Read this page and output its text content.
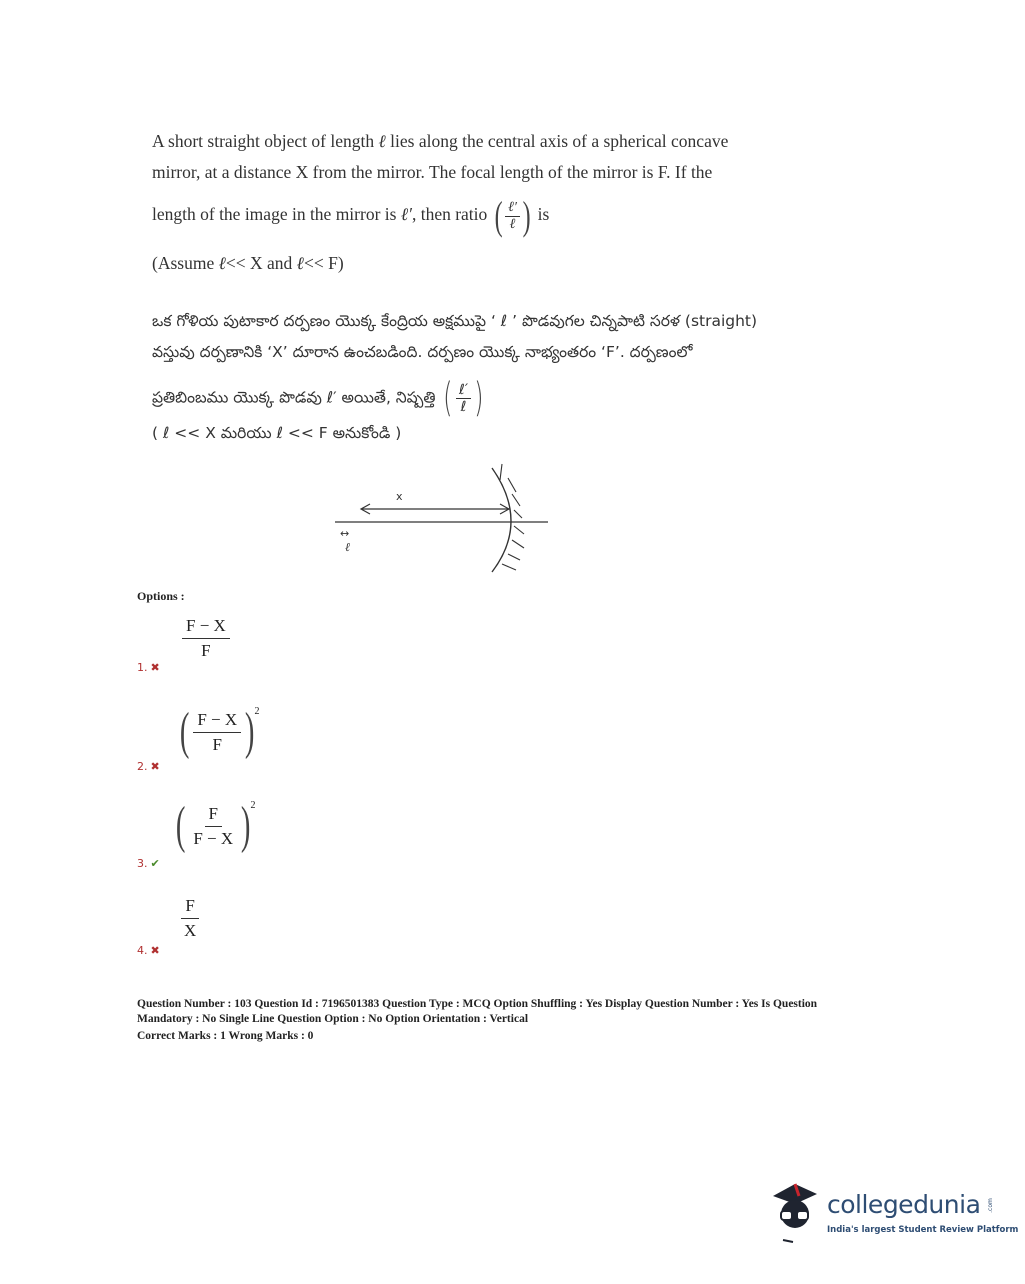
A short straight object of length ℓ lies along the central axis of a spherical concave

mirror, at a distance X from the mirror. The focal length of the mirror is F. If the

length of the image in the mirror is ℓ′, then ratio ( $\frac{\text{ℓ′}}{\text{ℓ}}$ ) is

(Assume ℓ<< X and ℓ<< F)

ఒక గోళియ పుటాకార దర్పణం యొక్క కేంద్రియ అక్షముపై ‘ ℓ ’ పొడవుగల చిన్నపాటి సరళ (straight)

వస్తువు దర్పణానికి ‘X’ దూరాన ఉంచబడింది. దర్పణం యొక్క నాభ్యంతరం ‘F’. దర్పణంలో

ప్రతిబింబము యొక్క పొడవు ℓ′ అయితే, నిష్పత్తి ( $\frac{\text{ℓ′}}{\text{ℓ}}$ )

( ℓ << X మరియు ℓ << F అనుకోండి )

x
↔
ℓ
Options :
$\frac{F - X}{F}$
1. ✖
( $\frac{F - X}{F} )^2$
2. ✖
( $\frac{F}{F - X} )^2$
3. ✔
$\frac{F}{X}$
4. ✖

Question Number : 103 Question Id : 7196501383 Question Type : MCQ Option Shuffling : Yes Display Question Number : Yes Is Question

Mandatory : No Single Line Question Option : No Option Orientation : Vertical

Correct Marks : 1 Wrong Marks : 0

collegedunia .com
India's largest Student Review Platform
